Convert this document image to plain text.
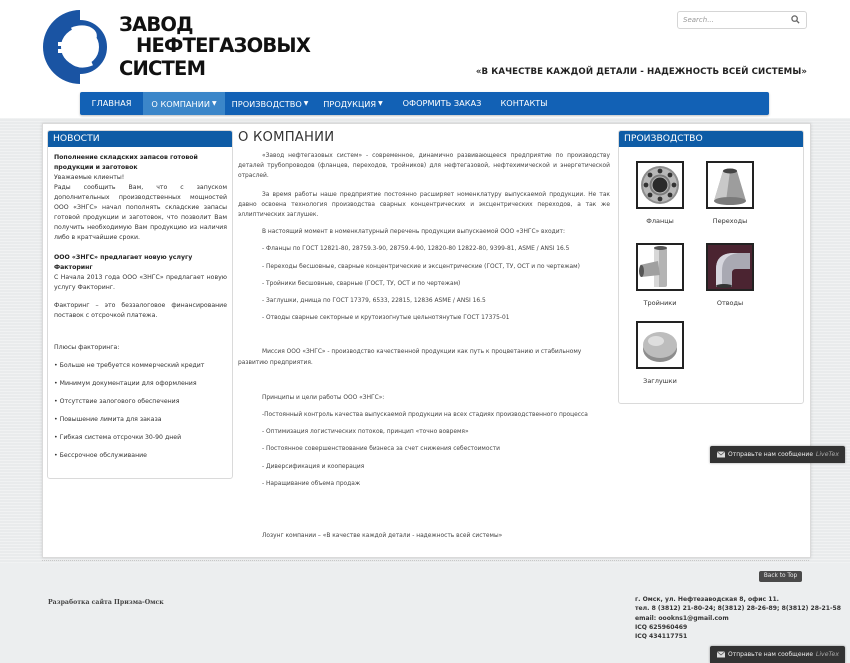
ЗАВОД
НЕФТЕГАЗОВЫХ
СИСТЕМ
Search...
«В КАЧЕСТВЕ КАЖДОЙ ДЕТАЛИ - НАДЕЖНОСТЬ ВСЕЙ СИСТЕМЫ»
ГЛАВНАЯ	О КОМПАНИИ ▼	ПРОИЗВОДСТВО ▼	ПРОДУКЦИЯ ▼	ОФОРМИТЬ ЗАКАЗ	КОНТАКТЫ
НОВОСТИ

Пополнение складских запасов готовой продукции и заготовок

Уважаемые клиенты!

Рады сообщить Вам, что с запуском дополнительных производственных мощностей ООО «ЗНГС» начал пополнять складские запасы готовой продукции и заготовок, что позволит Вам получить необходимую Вам продукцию из наличия либо в кратчайшие сроки.

ООО «ЗНГС» предлагает новую услугу Факторинг

С Начала 2013 года ООО «ЗНГС» предлагает новую услугу Факторинг.

Факторинг – это беззалоговое финансирование поставок с отсрочкой платежа.

Плюсы факторинга:

• Больше не требуется коммерческий кредит

• Минимум документации для оформления

• Отсутствие залогового обеспечения

• Повышение лимита для заказа

• Гибкая система отсрочки 30-90 дней

• Бессрочное обслуживание

О КОМПАНИИ

«Завод нефтегазовых систем» - современное, динамично развивающееся предприятие по производству деталей трубопроводов (фланцев, переходов, тройников) для нефтегазовой, нефтехимической и энергетической отраслей.

За время работы наше предприятие постоянно расширяет номенклатуру выпускаемой продукции. Не так давно освоена технология производства сварных концентрических и эксцентрических переходов, а так же эллиптических заглушек.

В настоящий момент в номенклатурный перечень продукции выпускаемой ООО «ЗНГС» входит:

- Фланцы по ГОСТ 12821-80, 28759.3-90, 28759.4-90, 12820-80 12822-80, 9399-81, ASME / ANSI 16.5

- Переходы бесшовные, сварные концентрические и эксцентрические (ГОСТ, ТУ, ОСТ и по чертежам)

- Тройники бесшовные, сварные (ГОСТ, ТУ, ОСТ и по чертежам)

- Заглушки, днища по ГОСТ 17379, 6533, 22815, 12836 ASME / ANSI 16.5

- Отводы сварные секторные и крутоизогнутые цельнотянутые ГОСТ 17375-01

Миссия ООО «ЗНГС» - производство качественной продукции как путь к процветанию и стабильному развитию предприятия.

Принципы и цели работы ООО «ЗНГС»:

-Постоянный контроль качества выпускаемой продукции на всех стадиях производственного процесса

- Оптимизация логистических потоков, принцип «точно вовремя»

- Постоянное совершенствование бизнеса за счет снижения себестоимости

- Диверсификация и кооперация

- Наращивание объема продаж

Лозунг компании – «В качестве каждой детали - надежность всей системы»

ПРОИЗВОДСТВО
Фланцы	Переходы
Тройники	Отводы
Заглушки
Back to Top
Разработка сайта Призма-Омск	г. Омск, ул. Нефтезаводская 8, офис 11.
тел. 8 (3812) 21-80-24; 8(3812) 28-26-89; 8(3812) 28-21-58
email: oookns1@gmail.com
ICQ 625960469
ICQ 434117751
Отправьте нам сообщение LiveTex
Отправьте нам сообщение LiveTex
